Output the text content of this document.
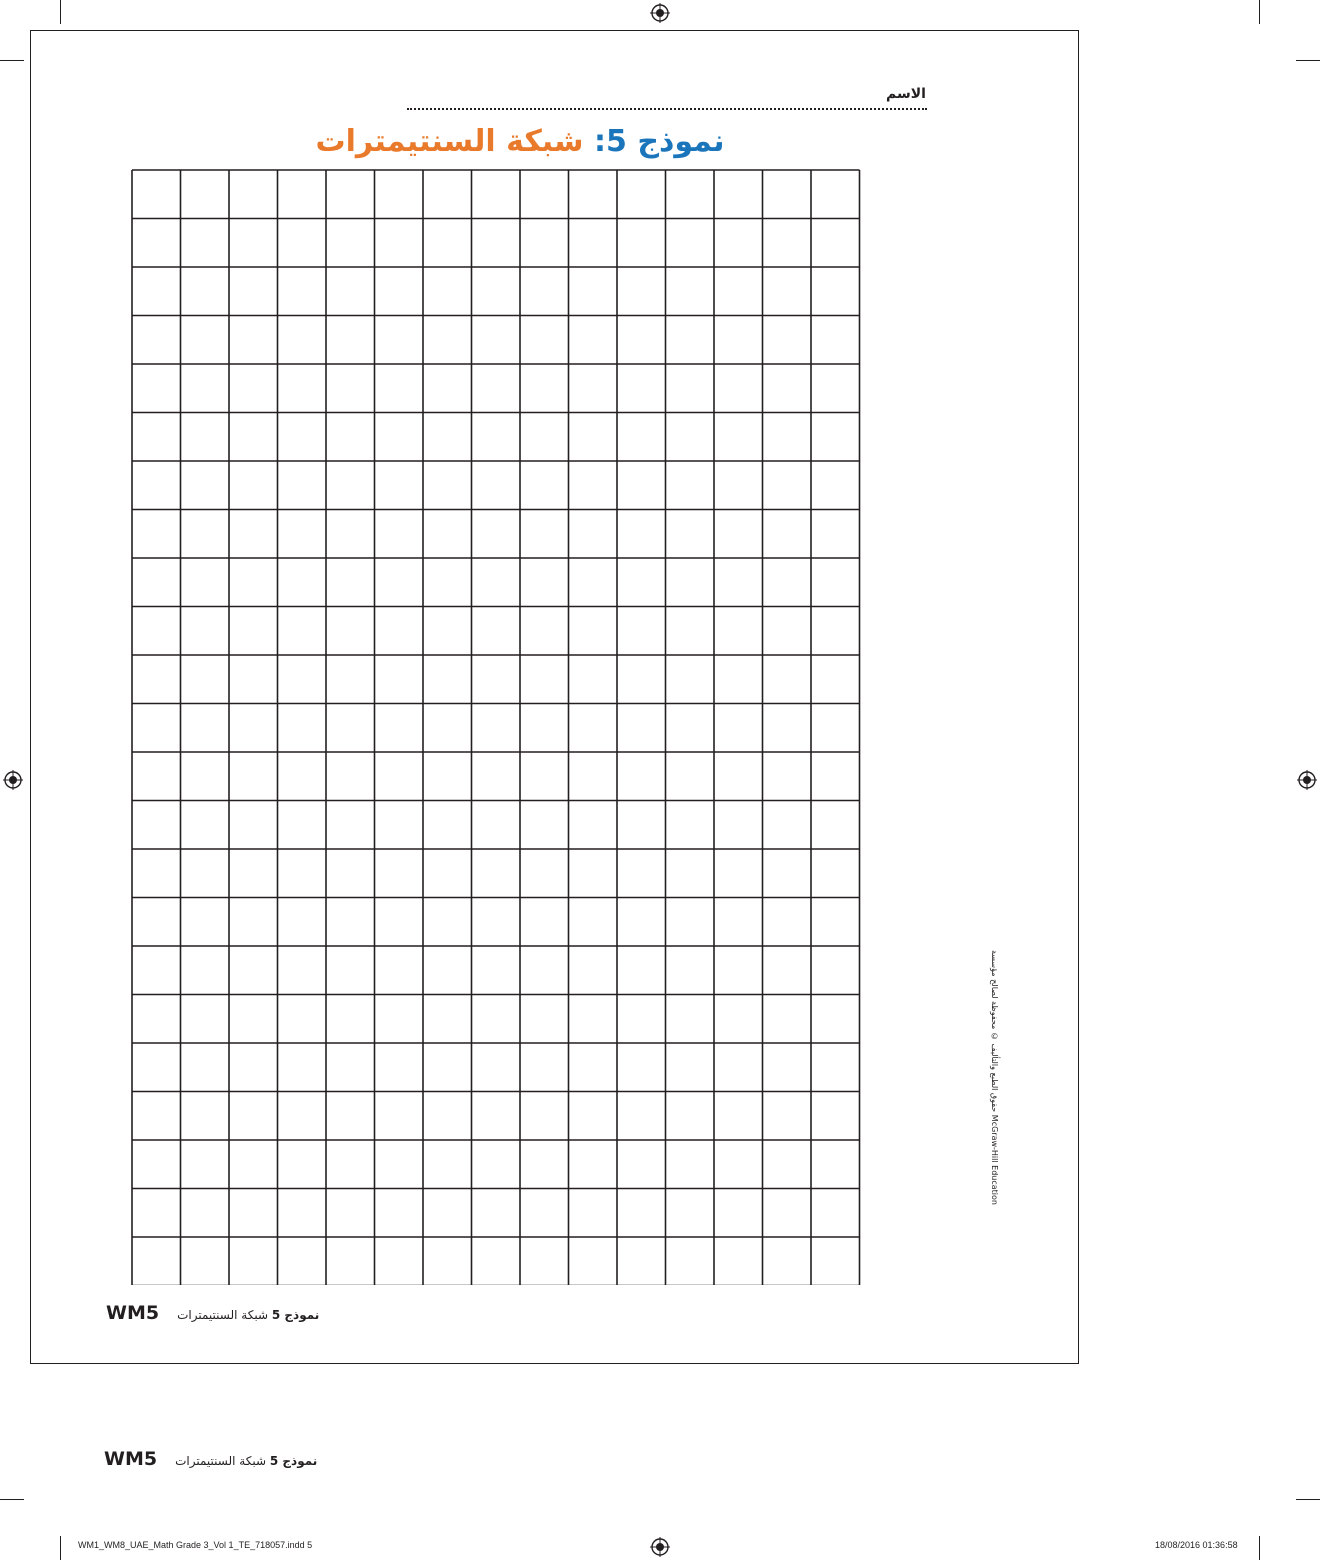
الاسم
نموذج 5: شبكة السنتيمترات
WM5	نموذج 5 شبكة السنتيمترات
حقوق الطبع والتأليف © محفوظة لصالح مؤسسة McGraw-Hill Education
WM5	نموذج 5 شبكة السنتيمترات
WM1_WM8_UAE_Math Grade 3_Vol 1_TE_718057.indd 5	18/08/2016 01:36:58
